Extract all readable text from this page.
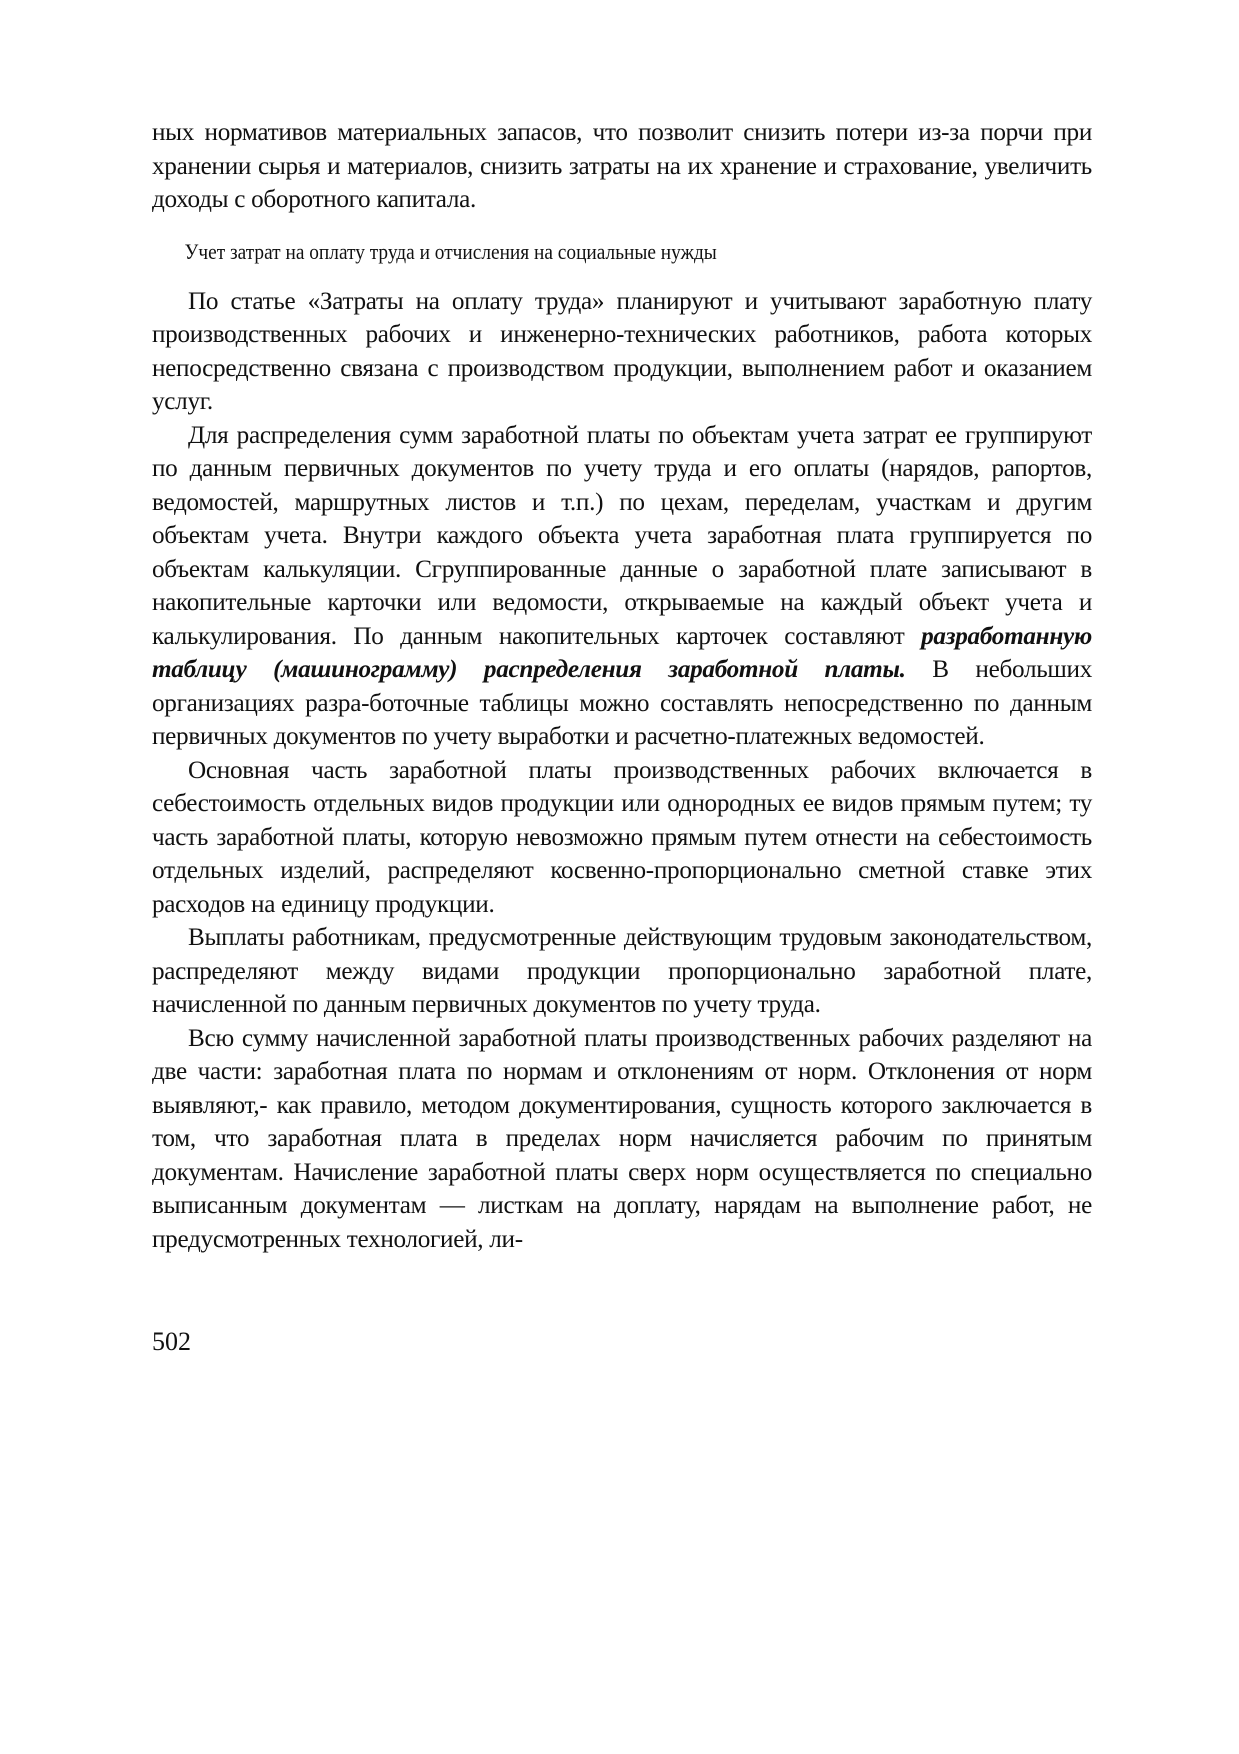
ных нормативов материальных запасов, что позволит снизить потери из-за порчи при хранении сырья и материалов, снизить затраты на их хранение и страхование, увеличить доходы с оборотного капитала.

Учет затрат на оплату труда и отчисления на социальные нужды

По статье «Затраты на оплату труда» планируют и учитывают заработную плату производственных рабочих и инженерно-технических работников, работа которых непосредственно связана с производством продукции, выполнением работ и оказанием услуг.

Для распределения сумм заработной платы по объектам учета затрат ее группируют по данным первичных документов по учету труда и его оплаты (нарядов, рапортов, ведомостей, маршрутных листов и т.п.) по цехам, переделам, участкам и другим объектам учета. Внутри каждого объекта учета заработная плата группируется по объектам калькуляции. Сгруппированные данные о заработной плате записывают в накопительные карточки или ведомости, открываемые на каждый объект учета и калькулирования. По данным накопительных карточек составляют разработанную таблицу (машинограмму) распределения заработной платы. В небольших организациях разра-боточные таблицы можно составлять непосредственно по данным первичных документов по учету выработки и расчетно-платежных ведомостей.

Основная часть заработной платы производственных рабочих включается в себестоимость отдельных видов продукции или однородных ее видов прямым путем; ту часть заработной платы, которую невозможно прямым путем отнести на себестоимость отдельных изделий, распределяют косвенно-пропорционально сметной ставке этих расходов на единицу продукции.

Выплаты работникам, предусмотренные действующим трудовым законодательством, распределяют между видами продукции пропорционально заработной плате, начисленной по данным первичных документов по учету труда.

Всю сумму начисленной заработной платы производственных рабочих разделяют на две части: заработная плата по нормам и отклонениям от норм. Отклонения от норм выявляют,- как правило, методом документирования, сущность которого заключается в том, что заработная плата в пределах норм начисляется рабочим по принятым документам. Начисление заработной платы сверх норм осуществляется по специально выписанным документам — листкам на доплату, нарядам на выполнение работ, не предусмотренных технологией, ли-

502
